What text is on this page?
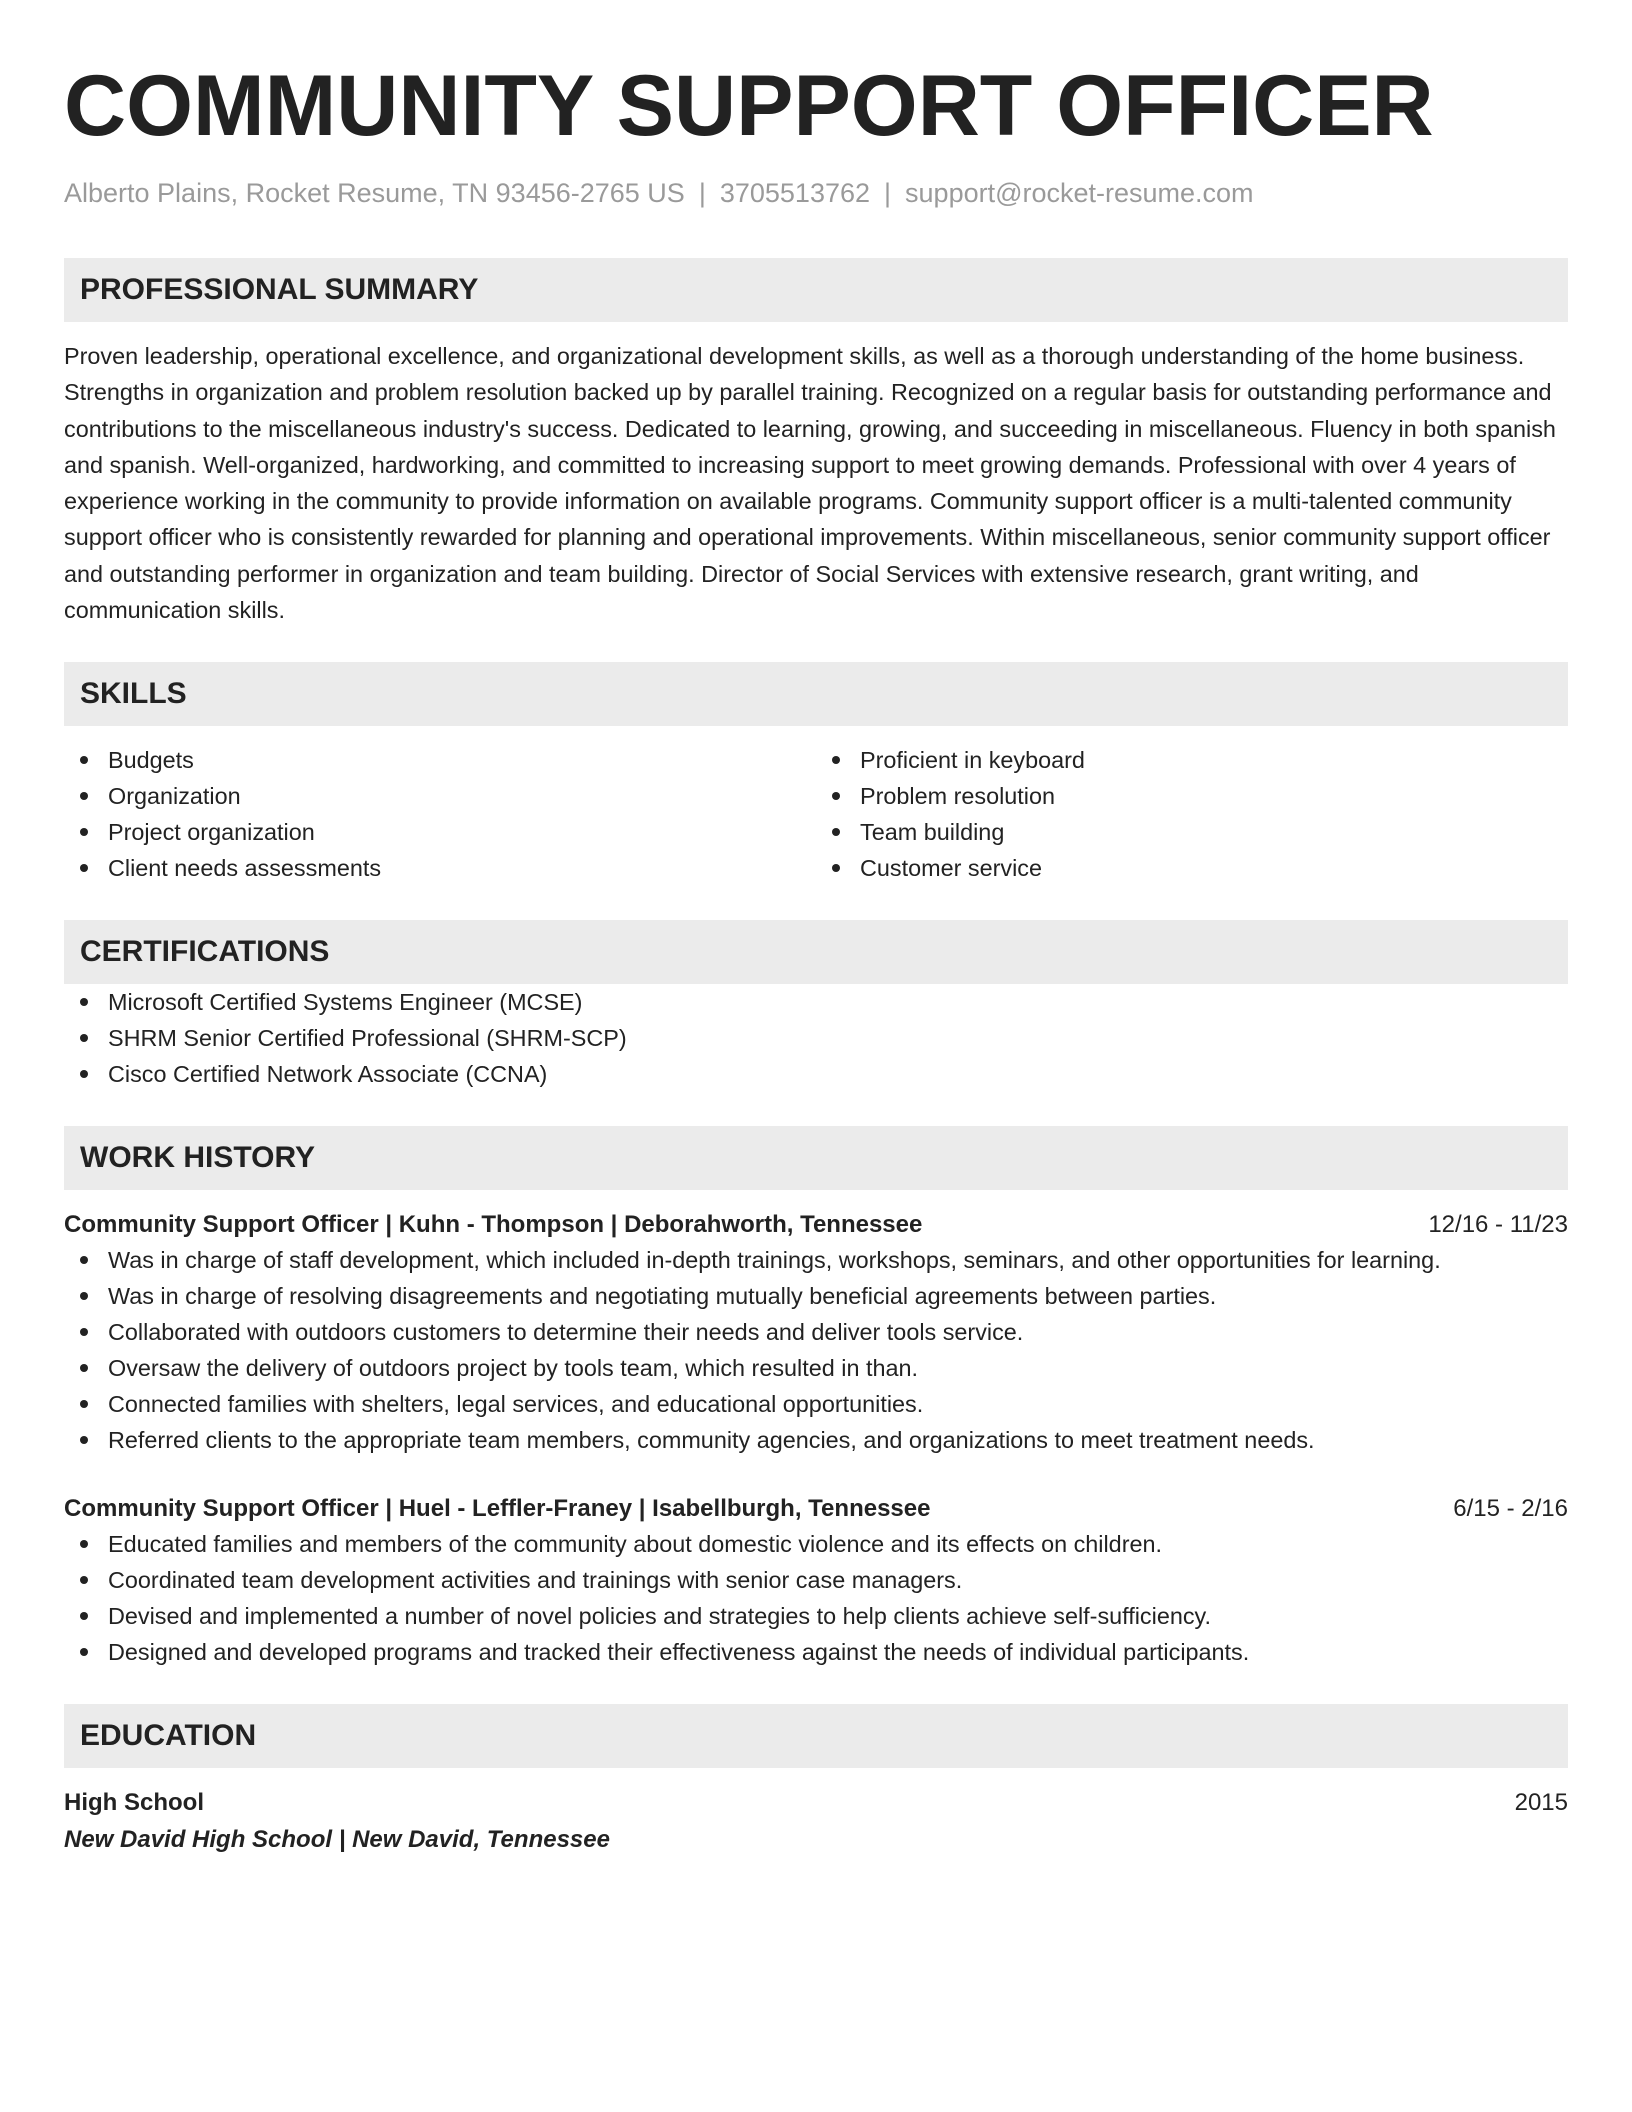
COMMUNITY SUPPORT OFFICER
Alberto Plains, Rocket Resume, TN 93456-2765 US | 3705513762 | support@rocket-resume.com
PROFESSIONAL SUMMARY

Proven leadership, operational excellence, and organizational development skills, as well as a thorough understanding of the home business. Strengths in organization and problem resolution backed up by parallel training. Recognized on a regular basis for outstanding performance and contributions to the miscellaneous industry's success. Dedicated to learning, growing, and succeeding in miscellaneous. Fluency in both spanish and spanish. Well-organized, hardworking, and committed to increasing support to meet growing demands. Professional with over 4 years of experience working in the community to provide information on available programs. Community support officer is a multi-talented community support officer who is consistently rewarded for planning and operational improvements. Within miscellaneous, senior community support officer and outstanding performer in organization and team building. Director of Social Services with extensive research, grant writing, and communication skills.

SKILLS
Budgets
Organization
Project organization
Client needs assessments
Proficient in keyboard
Problem resolution
Team building
Customer service
CERTIFICATIONS
Microsoft Certified Systems Engineer (MCSE)
SHRM Senior Certified Professional (SHRM-SCP)
Cisco Certified Network Associate (CCNA)
WORK HISTORY
Community Support Officer | Kuhn - Thompson | Deborahworth, Tennessee	12/16 - 11/23
Was in charge of staff development, which included in-depth trainings, workshops, seminars, and other opportunities for learning.
Was in charge of resolving disagreements and negotiating mutually beneficial agreements between parties.
Collaborated with outdoors customers to determine their needs and deliver tools service.
Oversaw the delivery of outdoors project by tools team, which resulted in than.
Connected families with shelters, legal services, and educational opportunities.
Referred clients to the appropriate team members, community agencies, and organizations to meet treatment needs.
Community Support Officer | Huel - Leffler-Franey | Isabellburgh, Tennessee	6/15 - 2/16
Educated families and members of the community about domestic violence and its effects on children.
Coordinated team development activities and trainings with senior case managers.
Devised and implemented a number of novel policies and strategies to help clients achieve self-sufficiency.
Designed and developed programs and tracked their effectiveness against the needs of individual participants.
EDUCATION
High School	2015
New David High School | New David, Tennessee
